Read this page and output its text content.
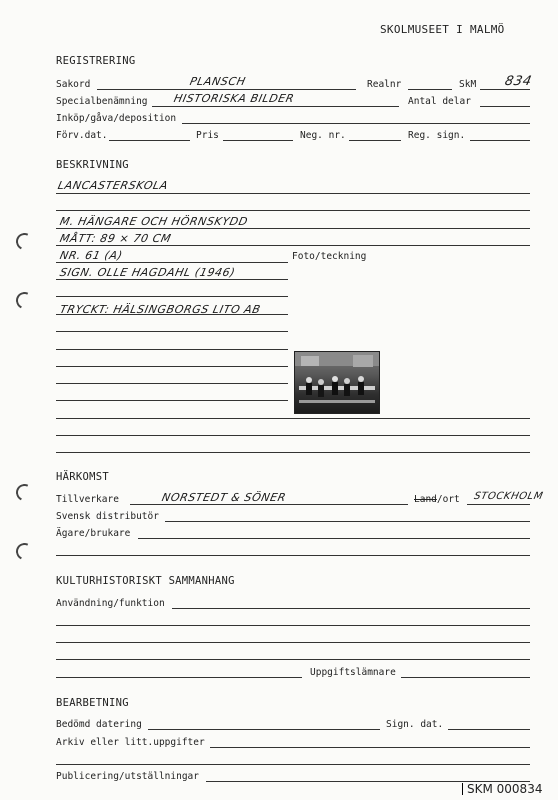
SKOLMUSEET I MALMÖ
REGISTRERING
Sakord	PLANSCH	Realnr	SkM 834
Specialbenämning HISTORISKA BILDER	Antal delar
Inköp/gåva/deposition
Förv.dat.	Pris	Neg. nr.	Reg. sign.
BESKRIVNING
LANCASTERSKOLA
M. HÄNGARE OCH HÖRNSKYDD
MÅTT: 89 × 70 CM
NR. 61 (A)	Foto/teckning
SIGN. OLLE HAGDAHL (1946)
TRYCKT: HÄLSINGBORGS LITO AB
HÄRKOMST
Tillverkare	NORSTEDT & SÖNER	Land/ort STOCKHOLM
Svensk distributör
Ägare/brukare
KULTURHISTORISKT SAMMANHANG
Användning/funktion
Uppgiftslämnare
BEARBETNING
Bedömd datering	Sign. dat.
Arkiv eller litt.uppgifter
Publicering/utställningar
SKM 000834
